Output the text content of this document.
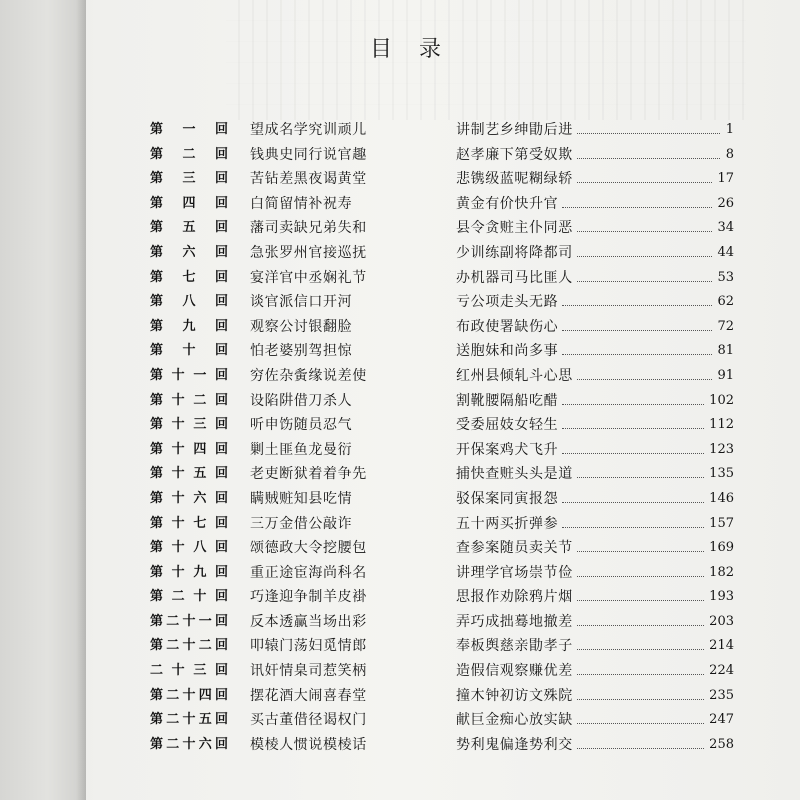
目 录
第一回 望成名学究训顽儿	讲制艺乡绅勖后进	1
第二回 钱典史同行说官趣	赵孝廉下第受奴欺	8
第三回 苦钻差黑夜谒黄堂	悲镌级蓝呢糊绿轿	17
第四回 白简留情补祝寿	黄金有价快升官	26
第五回 藩司卖缺兄弟失和	县令贪赃主仆同恶	34
第六回 急张罗州官接巡抚	少训练副将降都司	44
第七回 宴洋官中丞娴礼节	办机器司马比匪人	53
第八回 谈官派信口开河	亏公项走头无路	62
第九回 观察公讨银翻脸	布政使署缺伤心	72
第十回 怕老婆别驾担惊	送胞妹和尚多事	81
第十一回 穷佐杂夤缘说差使	红州县倾轧斗心思	91
第十二回 设陷阱借刀杀人	割靴腰隔船吃醋	102
第十三回 听申饬随员忍气	受委屈妓女轻生	112
第十四回 剿土匪鱼龙曼衍	开保案鸡犬飞升	123
第十五回 老吏断狱着着争先	捕快查赃头头是道	135
第十六回 瞒贼赃知县吃情	驳保案同寅报怨	146
第十七回 三万金借公敲诈	五十两买折弹参	157
第十八回 颂德政大令挖腰包	查参案随员卖关节	169
第十九回 重正途宦海尚科名	讲理学官场崇节俭	182
第二十回 巧逢迎争制羊皮褂	思报作劝除鸦片烟	193
第二十一回 反本透赢当场出彩	弄巧成拙蓦地撤差	203
第二十二回 叩辕门荡妇觅情郎	奉板舆慈亲勖孝子	214
二十三回 讯奸情臬司惹笑柄	造假信观察赚优差	224
第二十四回 摆花酒大闹喜春堂	撞木钟初访文殊院	235
第二十五回 买古董借径谒权门	献巨金痴心放实缺	247
第二十六回 模棱人惯说模棱话	势利鬼偏逢势利交	258
